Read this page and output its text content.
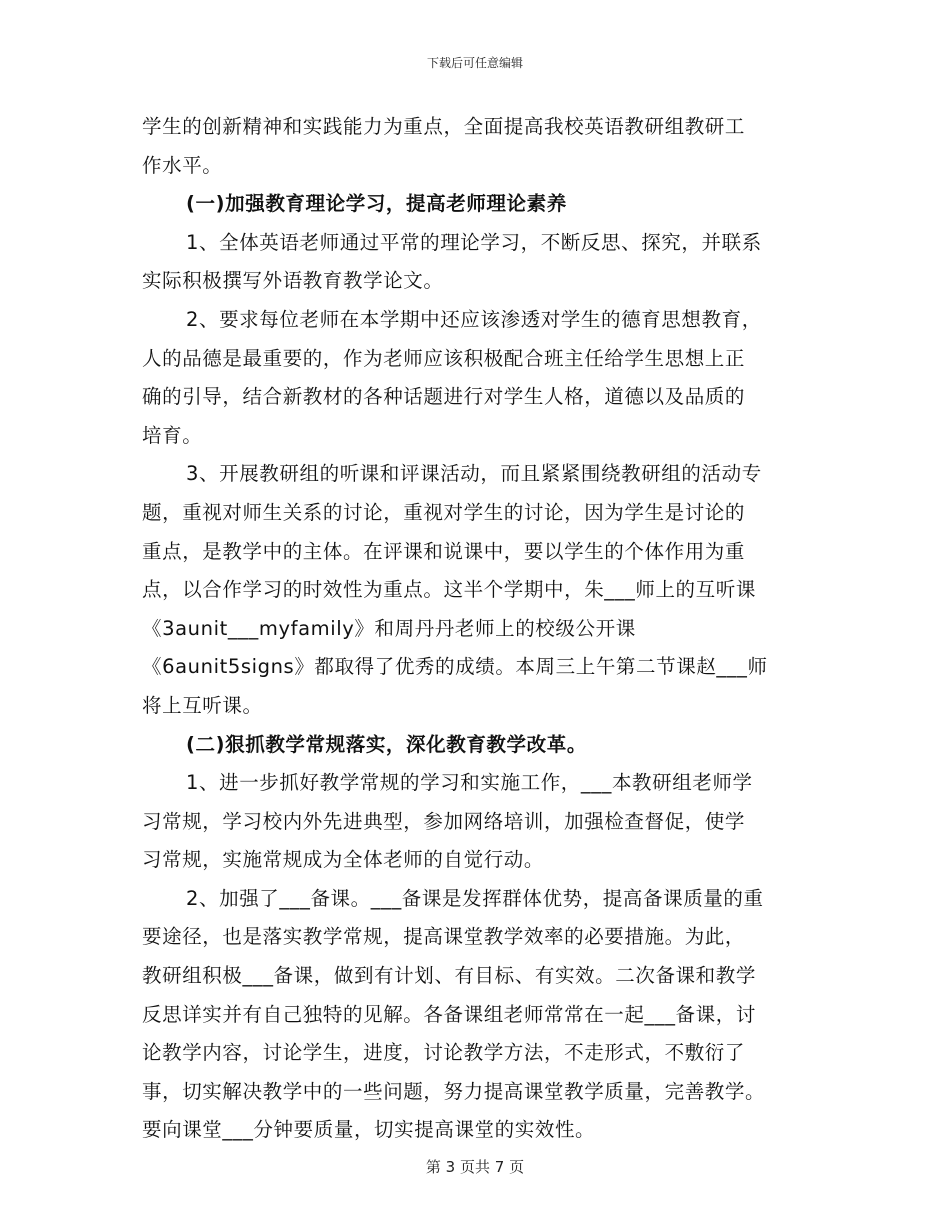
下载后可任意编辑
学生的创新精神和实践能力为重点，全面提高我校英语教研组教研工
作水平。
(一)加强教育理论学习，提高老师理论素养
1、全体英语老师通过平常的理论学习，不断反思、探究，并联系
实际积极撰写外语教育教学论文。
2、要求每位老师在本学期中还应该渗透对学生的德育思想教育，
人的品德是最重要的，作为老师应该积极配合班主任给学生思想上正
确的引导，结合新教材的各种话题进行对学生人格，道德以及品质的
培育。
3、开展教研组的听课和评课活动，而且紧紧围绕教研组的活动专
题，重视对师生关系的讨论，重视对学生的讨论，因为学生是讨论的
重点，是教学中的主体。在评课和说课中，要以学生的个体作用为重
点，以合作学习的时效性为重点。这半个学期中，朱___师上的互听课
《3aunit___myfamily》和周丹丹老师上的校级公开课
《6aunit5signs》都取得了优秀的成绩。本周三上午第二节课赵___师
将上互听课。
(二)狠抓教学常规落实，深化教育教学改革。
1、进一步抓好教学常规的学习和实施工作，___本教研组老师学
习常规，学习校内外先进典型，参加网络培训，加强检查督促，使学
习常规，实施常规成为全体老师的自觉行动。
2、加强了___备课。___备课是发挥群体优势，提高备课质量的重
要途径，也是落实教学常规，提高课堂教学效率的必要措施。为此，
教研组积极___备课，做到有计划、有目标、有实效。二次备课和教学
反思详实并有自己独特的见解。各备课组老师常常在一起___备课，讨
论教学内容，讨论学生，进度，讨论教学方法，不走形式，不敷衍了
事，切实解决教学中的一些问题，努力提高课堂教学质量，完善教学。
要向课堂___分钟要质量，切实提高课堂的实效性。
第 3 页共 7 页
